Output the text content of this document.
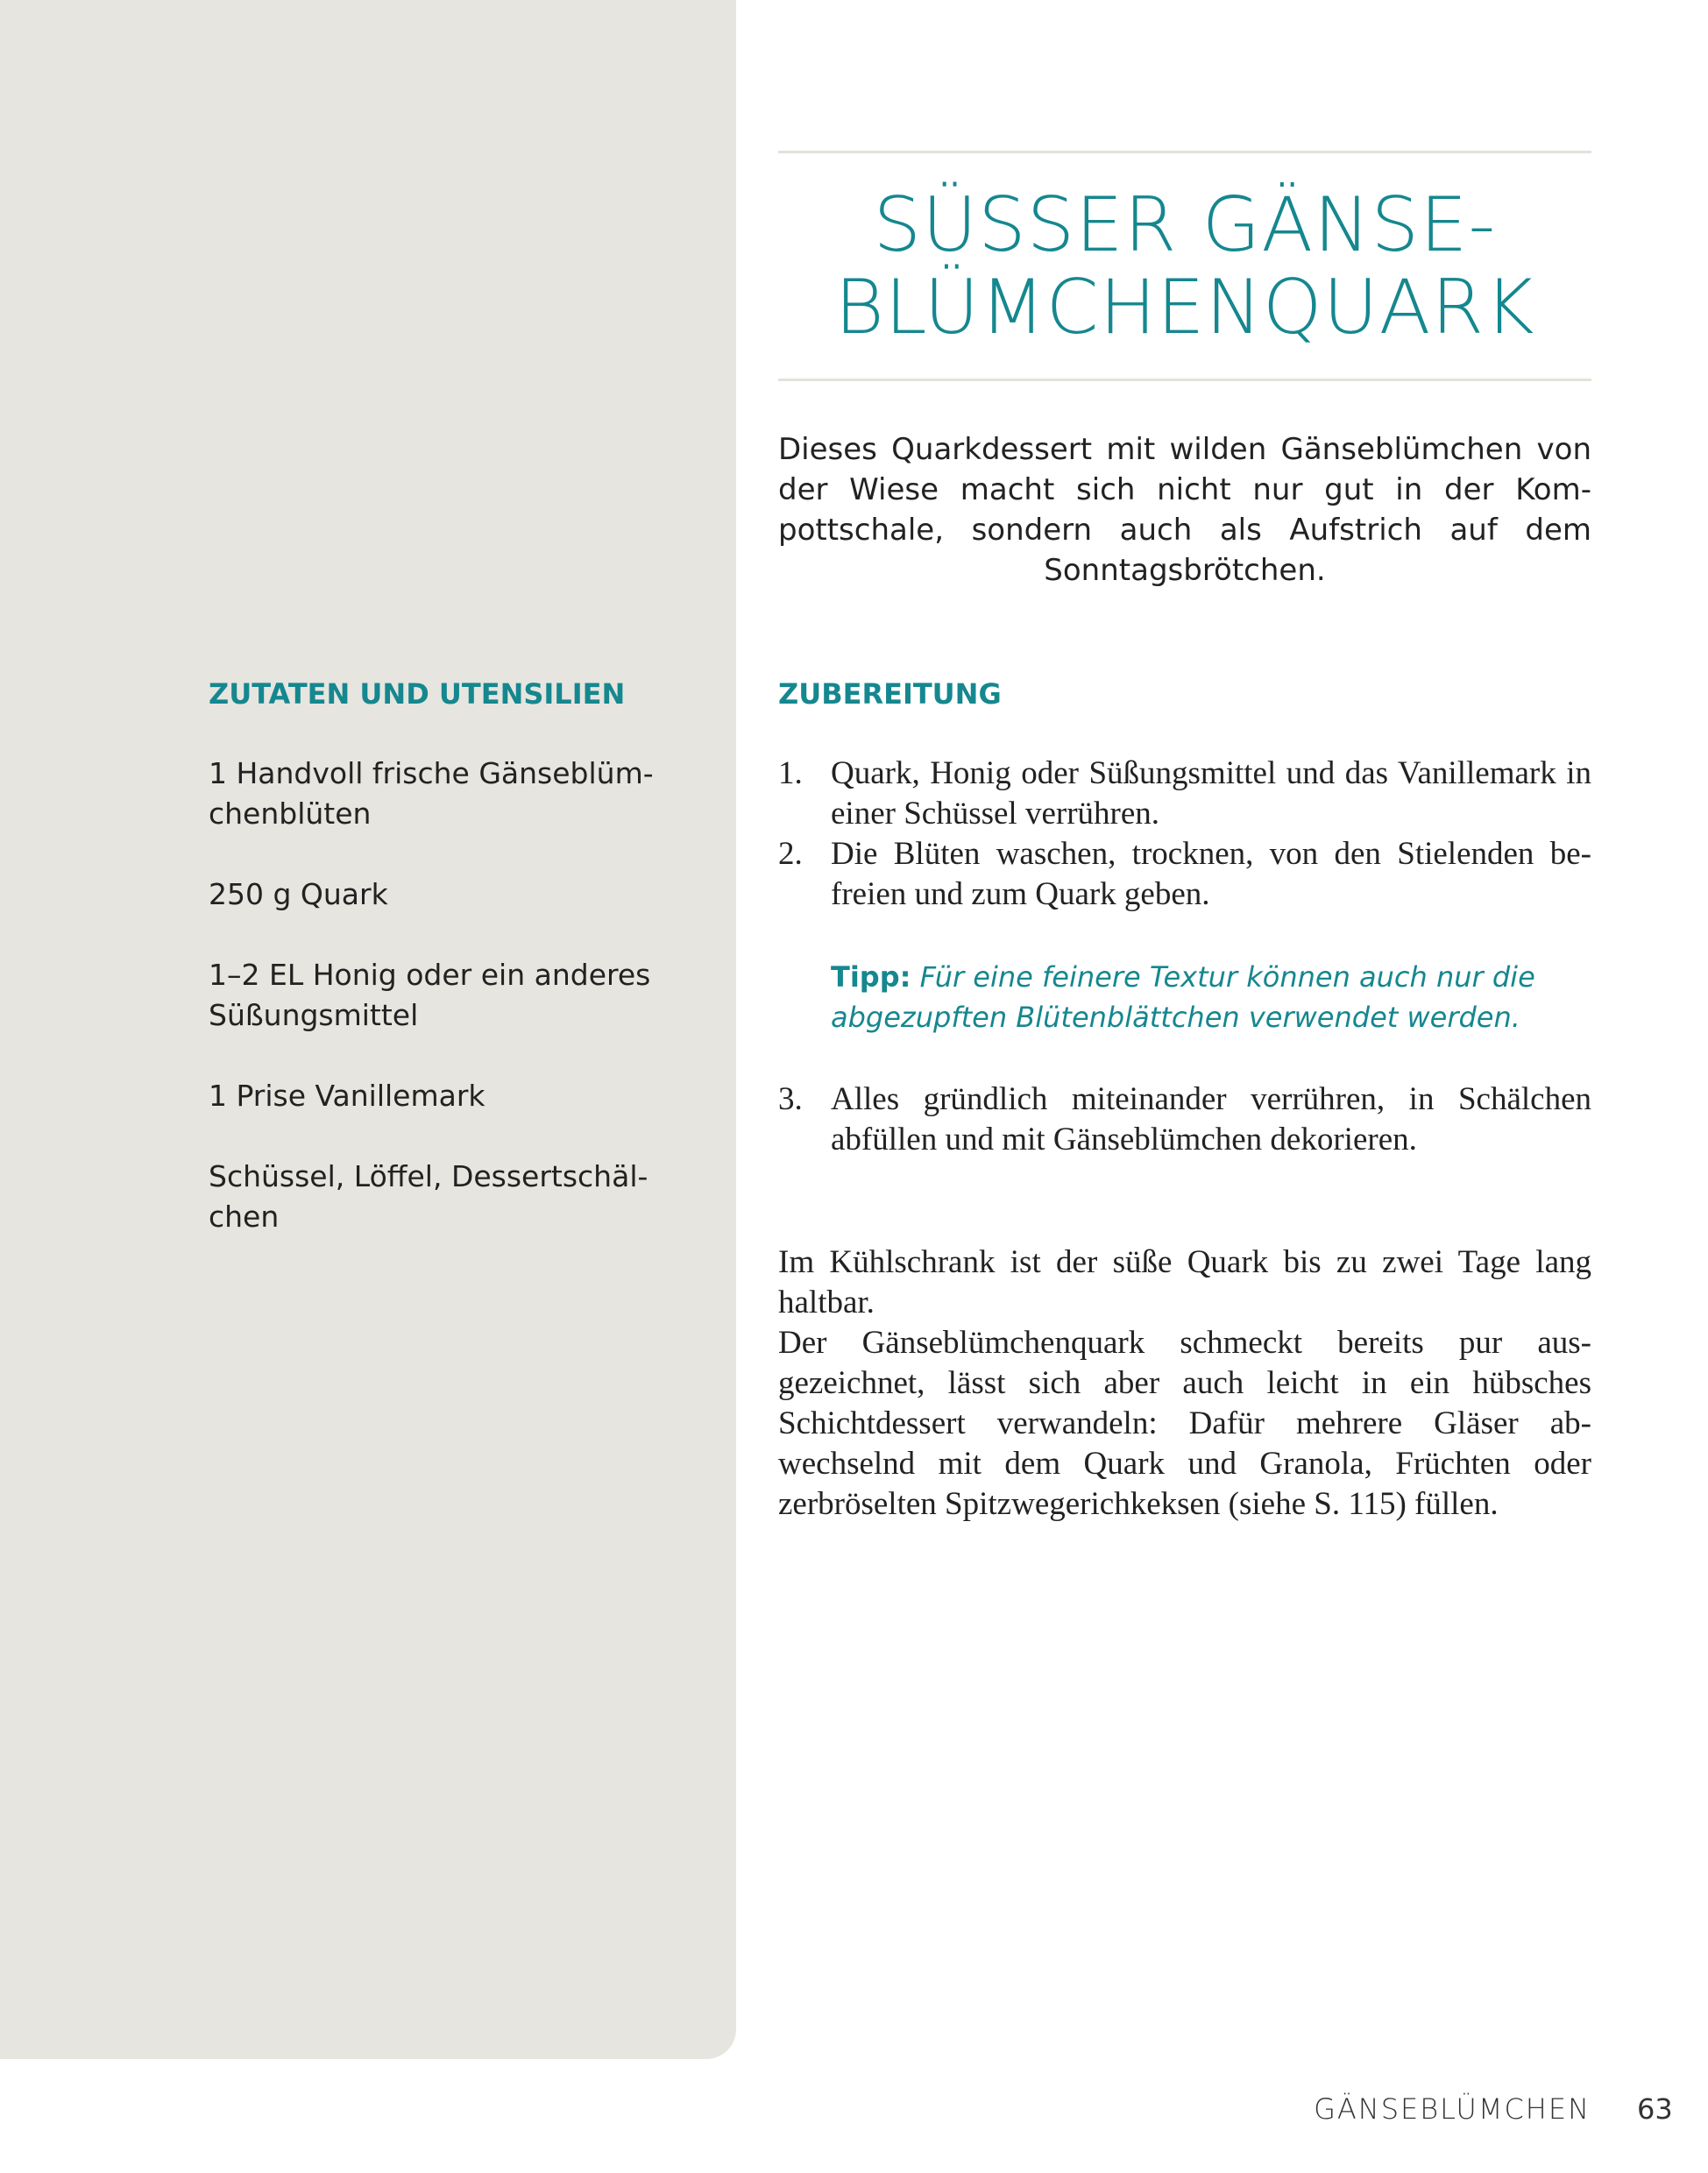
SÜSSER GÄNSE-
BLÜMCHENQUARK

Dieses Quarkdessert mit wilden Gänseblümchen von der Wiese macht sich nicht nur gut in der Kompottschale, sondern auch als Aufstrich auf dem Sonntagsbrötchen.

ZUTATEN UND UTENSILIEN
1 Handvoll frische Gänseblümchenblüten
250 g Quark
1–2 EL Honig oder ein anderes Süßungsmittel
1 Prise Vanillemark
Schüssel, Löffel, Dessertschälchen
ZUBEREITUNG
1. Quark, Honig oder Süßungsmittel und das Vanillemark in einer Schüssel verrühren.
2. Die Blüten waschen, trocknen, von den Stielenden befreien und zum Quark geben.

Tipp: Für eine feinere Textur können auch nur die abgezupften Blütenblättchen verwendet werden.

3. Alles gründlich miteinander verrühren, in Schälchen abfüllen und mit Gänseblümchen dekorieren.

Im Kühlschrank ist der süße Quark bis zu zwei Tage lang haltbar.

Der Gänseblümchenquark schmeckt bereits pur ausgezeichnet, lässt sich aber auch leicht in ein hübsches Schichtdessert verwandeln: Dafür mehrere Gläser abwechselnd mit dem Quark und Granola, Früchten oder zerbröselten Spitzwegerichkeksen (siehe S. 115) füllen.

GÄNSEBLÜMCHEN 63
